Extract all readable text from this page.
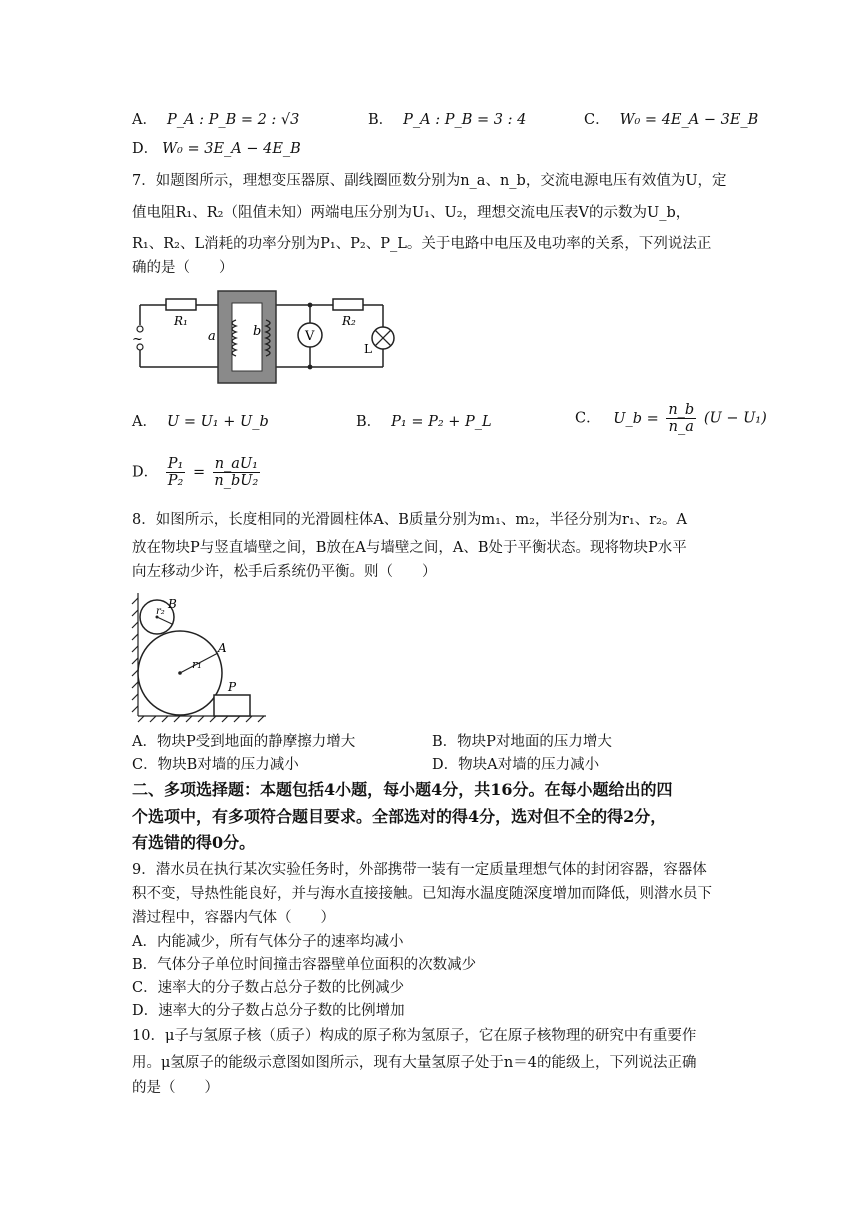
A． P_A : P_B = 2 : √3	B． P_A : P_B = 3 : 4	C． W₀ = 4E_A − 3E_B
D． W₀ = 3E_A − 4E_B
7．如题图所示，理想变压器原、副线圈匝数分别为n_a、n_b，交流电源电压有效值为U，定
值电阻R₁、R₂（阻值未知）两端电压分别为U₁、U₂，理想交流电压表V的示数为U_b，
R₁、R₂、L消耗的功率分别为P₁、P₂、P_L。关于电路中电压及电功率的关系，下列说法正
确的是（　　）
~
R₁
a	b	V
R₂
L
A． U = U₁ + U_b	B． P₁ = P₂ + P_L	C． U_b = $\frac{n\_b}{n\_a} (U - U_1)$
D． $\frac{\text{P₁}}{\text{P₂}} = \frac{\text{n\_aU₁}}{\text{n\_bU₂}}$
8．如图所示，长度相同的光滑圆柱体A、B质量分别为m₁、m₂，半径分别为r₁、r₂。A
放在物块P与竖直墙壁之间，B放在A与墙壁之间，A、B处于平衡状态。现将物块P水平
向左移动少许，松手后系统仍平衡。则（　　）
r₁
A
r₂
B
P
A．物块P受到地面的静摩擦力增大	B．物块P对地面的压力增大
C．物块B对墙的压力减小	D．物块A对墙的压力减小
二、多项选择题：本题包括4小题，每小题4分，共16分。在每小题给出的四
个选项中，有多项符合题目要求。全部选对的得4分，选对但不全的得2分，
有选错的得0分。
9．潜水员在执行某次实验任务时，外部携带一装有一定质量理想气体的封闭容器，容器体
积不变，导热性能良好，并与海水直接接触。已知海水温度随深度增加而降低，则潜水员下
潜过程中，容器内气体（　　）
A．内能减少，所有气体分子的速率均减小
B．气体分子单位时间撞击容器壁单位面积的次数减少
C．速率大的分子数占总分子数的比例减少
D．速率大的分子数占总分子数的比例增加
10．μ子与氢原子核（质子）构成的原子称为氢原子，它在原子核物理的研究中有重要作
用。μ氢原子的能级示意图如图所示，现有大量氢原子处于n＝4的能级上，下列说法正确
的是（　　）
